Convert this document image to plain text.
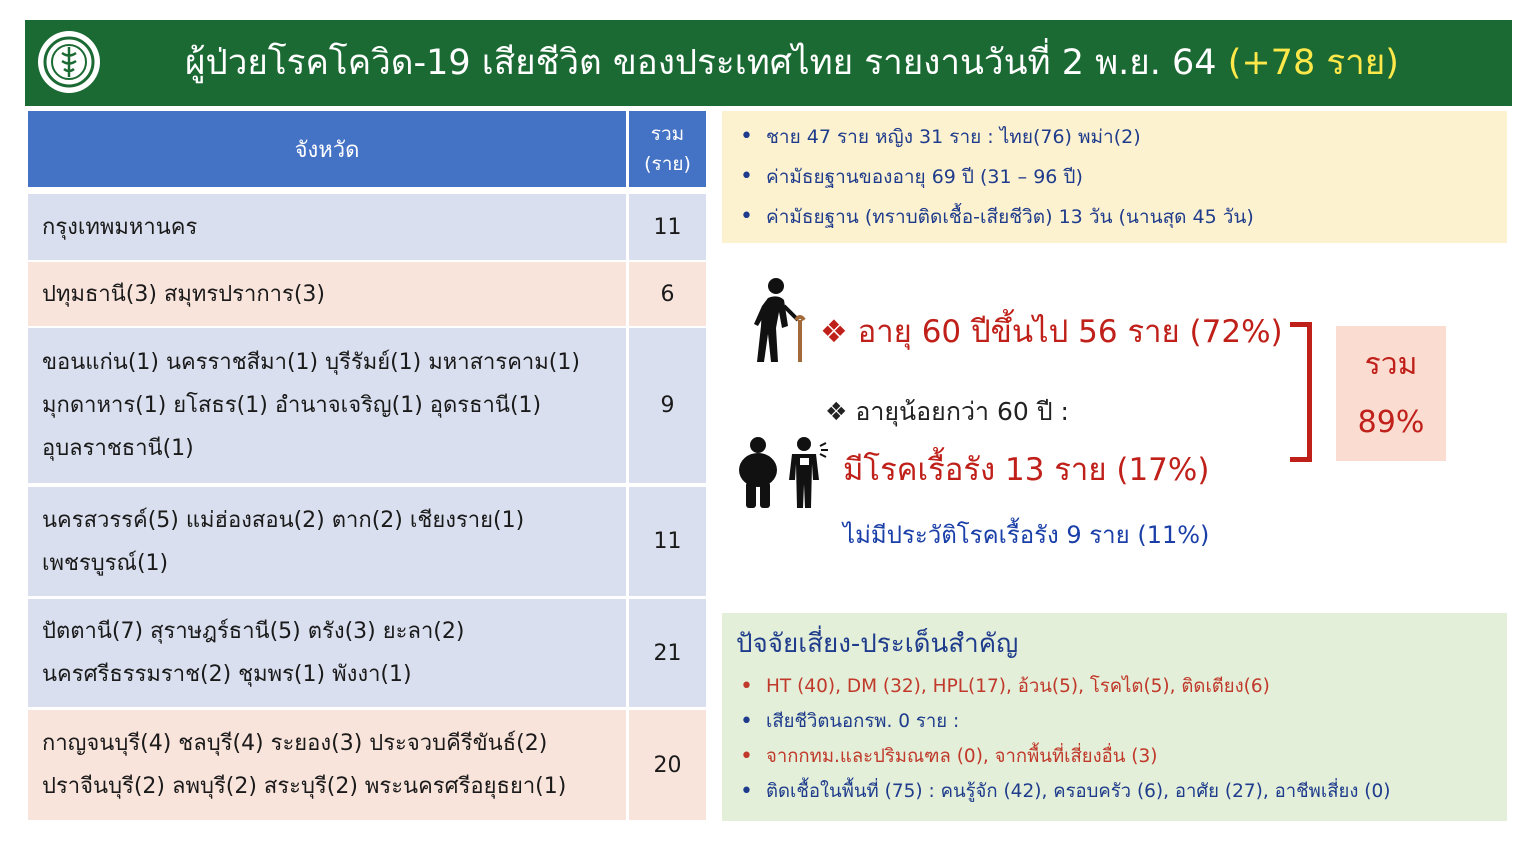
ผู้ป่วยโรคโควิด-19 เสียชีวิต ของประเทศไทย รายงานวันที่ 2 พ.ย. 64 (+78 ราย)
จังหวัด
รวม
(ราย)
กรุงเทพมหานคร	11
ปทุมธานี(3) สมุทรปราการ(3)	6
ขอนแก่น(1) นครราชสีมา(1) บุรีรัมย์(1) มหาสารคาม(1)
มุกดาหาร(1) ยโสธร(1) อำนาจเจริญ(1) อุดรธานี(1)
อุบลราชธานี(1)
9
นครสวรรค์(5) แม่ฮ่องสอน(2) ตาก(2) เชียงราย(1)
เพชรบูรณ์(1)
11
ปัตตานี(7) สุราษฎร์ธานี(5) ตรัง(3) ยะลา(2)
นครศรีธรรมราช(2) ชุมพร(1) พังงา(1)
21
กาญจนบุรี(4) ชลบุรี(4) ระยอง(3) ประจวบคีรีขันธ์(2)
ปราจีนบุรี(2) ลพบุรี(2) สระบุรี(2) พระนครศรีอยุธยา(1)
20
• ชาย 47 ราย หญิง 31 ราย : ไทย(76) พม่า(2)
• ค่ามัธยฐานของอายุ 69 ปี (31 – 96 ปี)
• ค่ามัธยฐาน (ทราบติดเชื้อ-เสียชีวิต) 13 วัน (นานสุด 45 วัน)
❖ อายุ 60 ปีขึ้นไป 56 ราย (72%)
❖ อายุน้อยกว่า 60 ปี :
มีโรคเรื้อรัง 13 ราย (17%)
ไม่มีประวัติโรคเรื้อรัง 9 ราย (11%)
รวม
89%
ปัจจัยเสี่ยง-ประเด็นสำคัญ
• HT (40), DM (32), HPL(17), อ้วน(5), โรคไต(5), ติดเตียง(6)
• เสียชีวิตนอกรพ. 0 ราย :
• จากกทม.และปริมณฑล (0), จากพื้นที่เสี่ยงอื่น (3)
• ติดเชื้อในพื้นที่ (75) : คนรู้จัก (42), ครอบครัว (6), อาศัย (27), อาชีพเสี่ยง (0)
